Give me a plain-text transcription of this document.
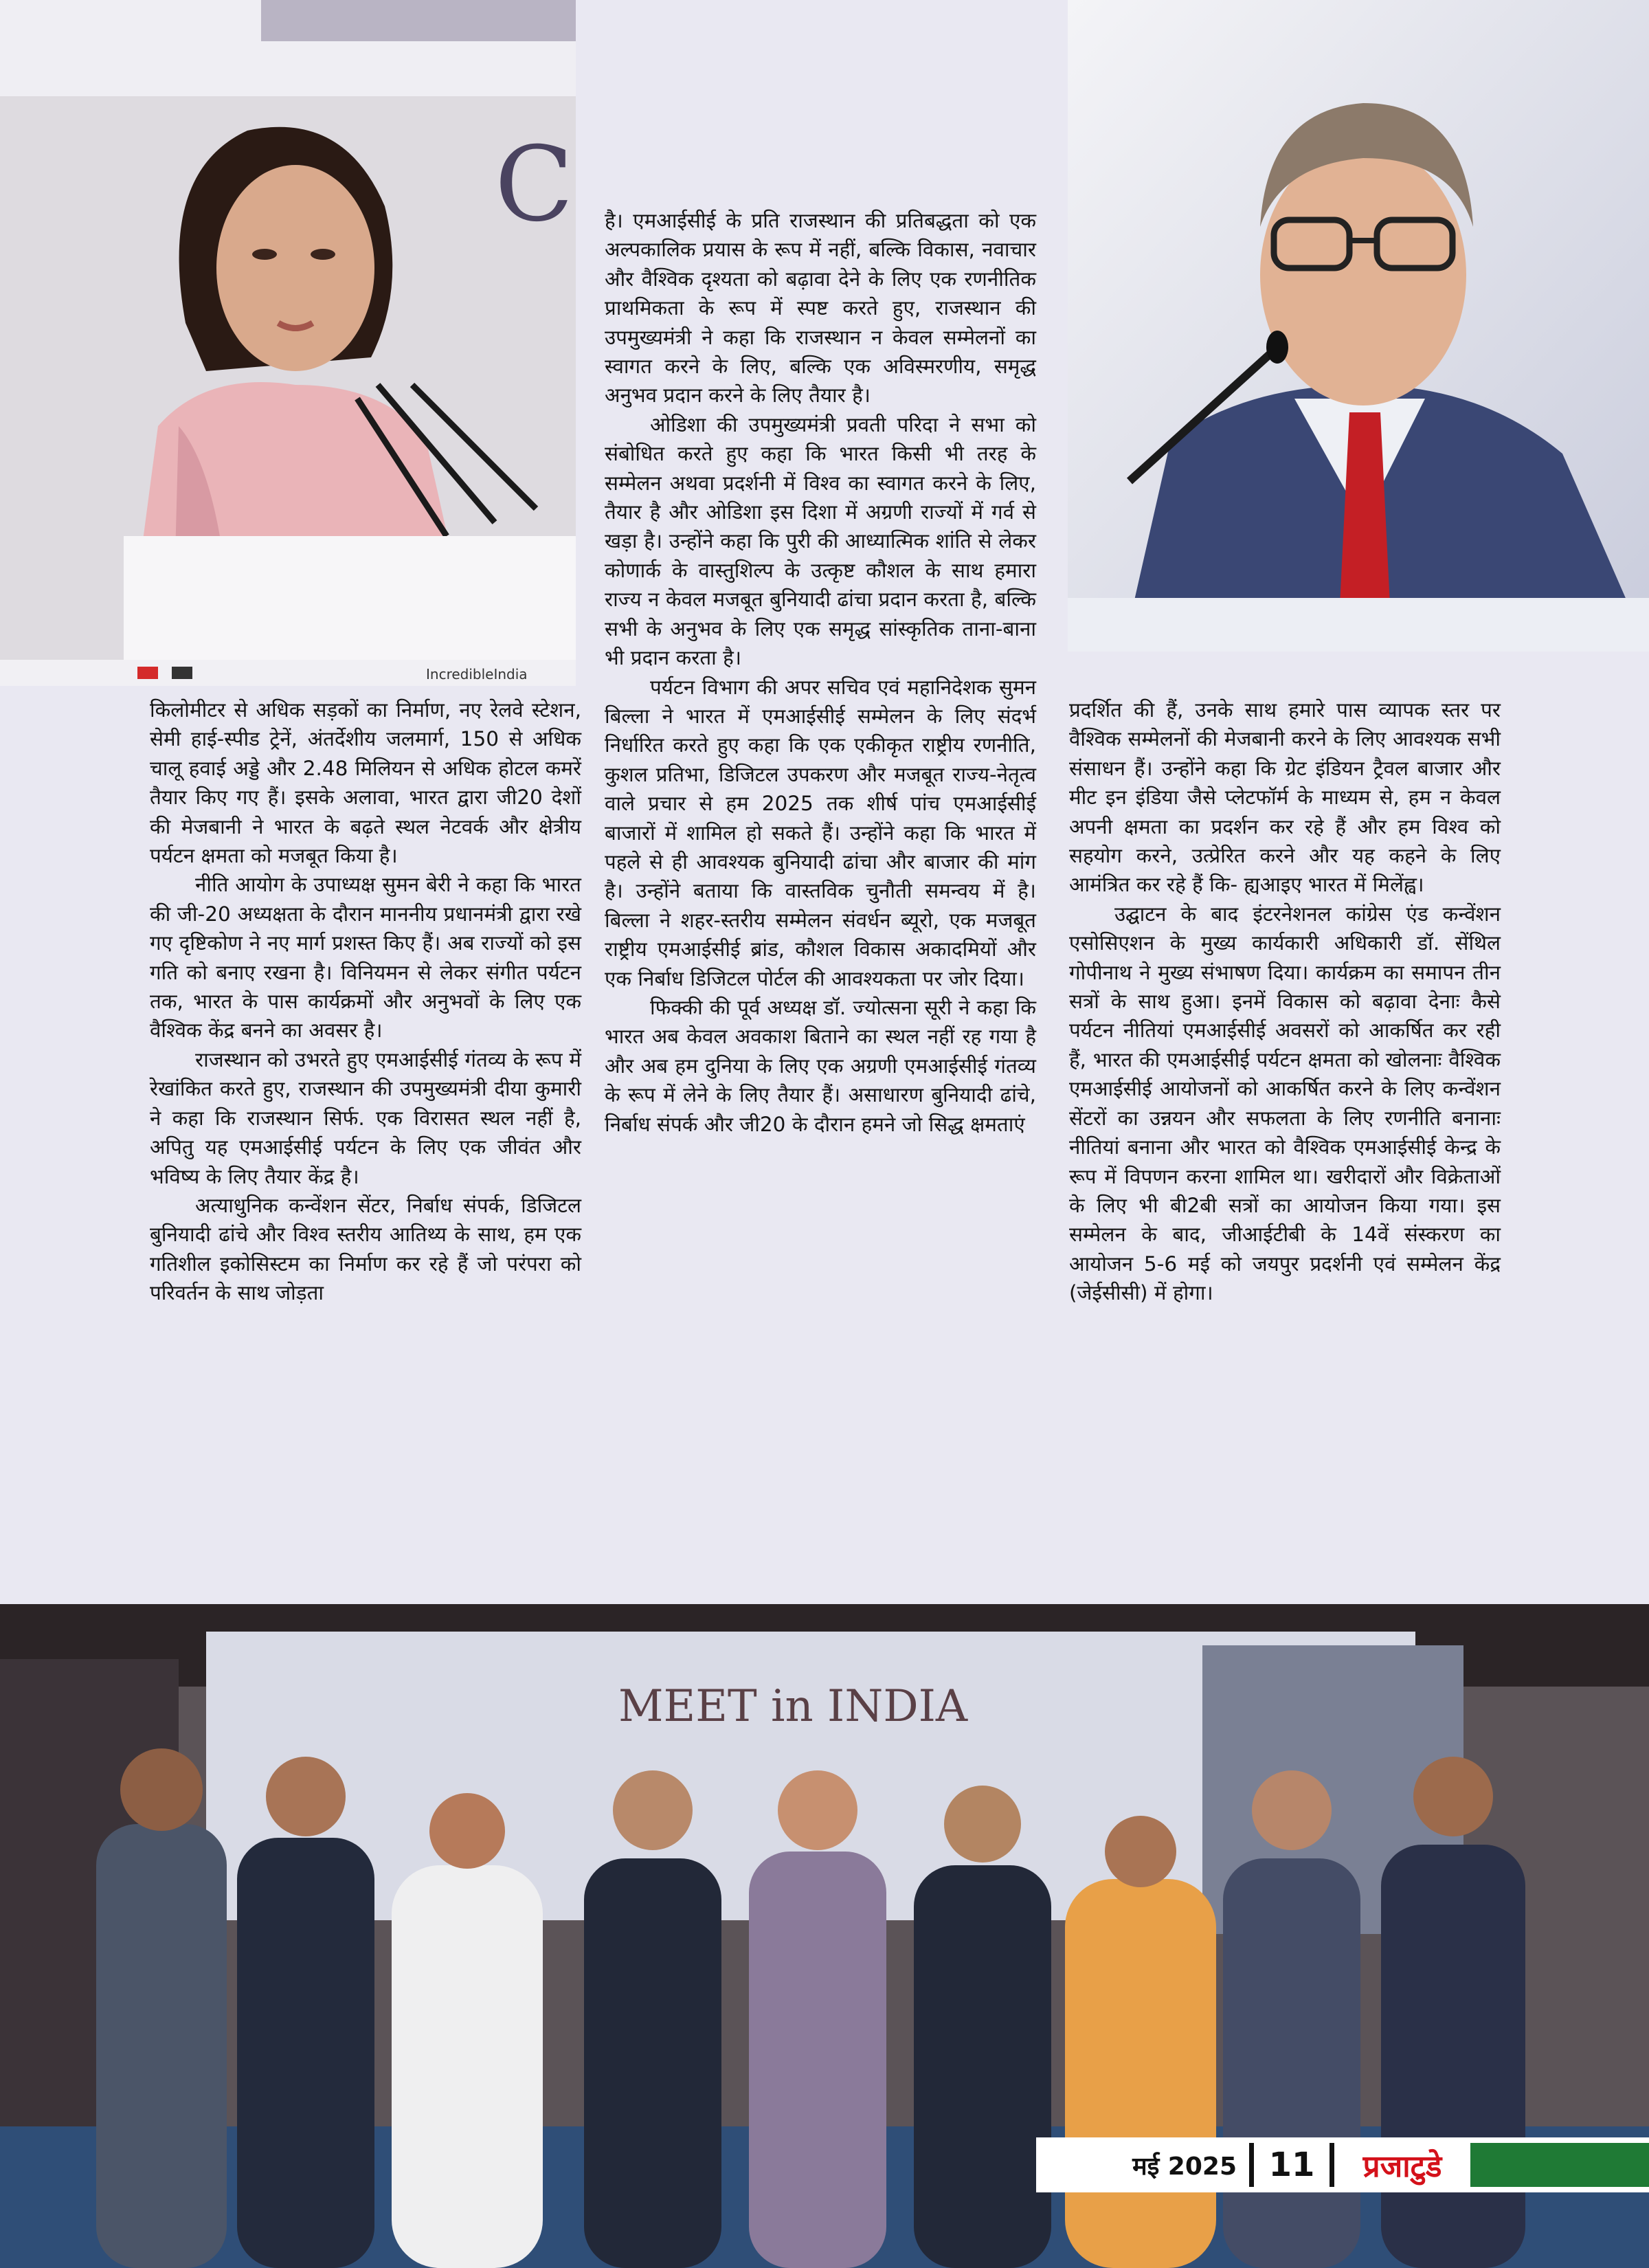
C
IncredibleIndia

है। एमआईसीई के प्रति राजस्थान की प्रतिबद्धता को एक अल्पकालिक प्रयास के रूप में नहीं, बल्कि विकास, नवाचार और वैश्विक दृश्यता को बढ़ावा देने के लिए एक रणनीतिक प्राथमिकता के रूप में स्पष्ट करते हुए, राजस्थान की उपमुख्यमंत्री ने कहा कि राजस्थान न केवल सम्मेलनों का स्वागत करने के लिए, बल्कि एक अविस्मरणीय, समृद्ध अनुभव प्रदान करने के लिए तैयार है।

ओडिशा की उपमुख्यमंत्री प्रवती परिदा ने सभा को संबोधित करते हुए कहा कि भारत किसी भी तरह के सम्मेलन अथवा प्रदर्शनी में विश्व का स्वागत करने के लिए, तैयार है और ओडिशा इस दिशा में अग्रणी राज्यों में गर्व से खड़ा है। उन्होंने कहा कि पुरी की आध्यात्मिक शांति से लेकर कोणार्क के वास्तुशिल्प के उत्कृष्ट कौशल के साथ हमारा राज्य न केवल मजबूत बुनियादी ढांचा प्रदान करता है, बल्कि सभी के अनुभव के लिए एक समृद्ध सांस्कृतिक ताना-बाना भी प्रदान करता है।

पर्यटन विभाग की अपर सचिव एवं महानिदेशक सुमन बिल्ला ने भारत में एमआईसीई सम्मेलन के लिए संदर्भ निर्धारित करते हुए कहा कि एक एकीकृत राष्ट्रीय रणनीति, कुशल प्रतिभा, डिजिटल उपकरण और मजबूत राज्य-नेतृत्व वाले प्रचार से हम 2025 तक शीर्ष पांच एमआईसीई बाजारों में शामिल हो सकते हैं। उन्होंने कहा कि भारत में पहले से ही आवश्यक बुनियादी ढांचा और बाजार की मांग है। उन्होंने बताया कि वास्तविक चुनौती समन्वय में है। बिल्ला ने शहर-स्तरीय सम्मेलन संवर्धन ब्यूरो, एक मजबूत राष्ट्रीय एमआईसीई ब्रांड, कौशल विकास अकादमियों और एक निर्बाध डिजिटल पोर्टल की आवश्यकता पर जोर दिया।

फिक्की की पूर्व अध्यक्ष डॉ. ज्योत्सना सूरी ने कहा कि भारत अब केवल अवकाश बिताने का स्थल नहीं रह गया है और अब हम दुनिया के लिए एक अग्रणी एमआईसीई गंतव्य के रूप में लेने के लिए तैयार हैं। असाधारण बुनियादी ढांचे, निर्बाध संपर्क और जी20 के दौरान हमने जो सिद्ध क्षमताएं

किलोमीटर से अधिक सड़कों का निर्माण, नए रेलवे स्टेशन, सेमी हाई-स्पीड ट्रेनें, अंतर्देशीय जलमार्ग, 150 से अधिक चालू हवाई अड्डे और 2.48 मिलियन से अधिक होटल कमरें तैयार किए गए हैं। इसके अलावा, भारत द्वारा जी20 देशों की मेजबानी ने भारत के बढ़ते स्थल नेटवर्क और क्षेत्रीय पर्यटन क्षमता को मजबूत किया है।

नीति आयोग के उपाध्यक्ष सुमन बेरी ने कहा कि भारत की जी-20 अध्यक्षता के दौरान माननीय प्रधानमंत्री द्वारा रखे गए दृष्टिकोण ने नए मार्ग प्रशस्त किए हैं। अब राज्यों को इस गति को बनाए रखना है। विनियमन से लेकर संगीत पर्यटन तक, भारत के पास कार्यक्रमों और अनुभवों के लिए एक वैश्विक केंद्र बनने का अवसर है।

राजस्थान को उभरते हुए एमआईसीई गंतव्य के रूप में रेखांकित करते हुए, राजस्थान की उपमुख्यमंत्री दीया कुमारी ने कहा कि राजस्थान सिर्फ. एक विरासत स्थल नहीं है, अपितु यह एमआईसीई पर्यटन के लिए एक जीवंत और भविष्य के लिए तैयार केंद्र है।

अत्याधुनिक कन्वेंशन सेंटर, निर्बाध संपर्क, डिजिटल बुनियादी ढांचे और विश्व स्तरीय आतिथ्य के साथ, हम एक गतिशील इकोसिस्टम का निर्माण कर रहे हैं जो परंपरा को परिवर्तन के साथ जोड़ता

प्रदर्शित की हैं, उनके साथ हमारे पास व्यापक स्तर पर वैश्विक सम्मेलनों की मेजबानी करने के लिए आवश्यक सभी संसाधन हैं। उन्होंने कहा कि ग्रेट इंडियन ट्रैवल बाजार और मीट इन इंडिया जैसे प्लेटफॉर्म के माध्यम से, हम न केवल अपनी क्षमता का प्रदर्शन कर रहे हैं और हम विश्व को सहयोग करने, उत्प्रेरित करने और यह कहने के लिए आमंत्रित कर रहे हैं कि- ह्यआइए भारत में मिलेंह्व।

उद्घाटन के बाद इंटरनेशनल कांग्रेस एंड कन्वेंशन एसोसिएशन के मुख्य कार्यकारी अधिकारी डॉ. सेंथिल गोपीनाथ ने मुख्य संभाषण दिया। कार्यक्रम का समापन तीन सत्रों के साथ हुआ। इनमें विकास को बढ़ावा देनाः कैसे पर्यटन नीतियां एमआईसीई अवसरों को आकर्षित कर रही हैं, भारत की एमआईसीई पर्यटन क्षमता को खोलनाः वैश्विक एमआईसीई आयोजनों को आकर्षित करने के लिए कन्वेंशन सेंटरों का उन्नयन और सफलता के लिए रणनीति बनानाः नीतियां बनाना और भारत को वैश्विक एमआईसीई केन्द्र के रूप में विपणन करना शामिल था। खरीदारों और विक्रेताओं के लिए भी बी2बी सत्रों का आयोजन किया गया। इस सम्मेलन के बाद, जीआईटीबी के 14वें संस्करण का आयोजन 5-6 मई को जयपुर प्रदर्शनी एवं सम्मेलन केंद्र (जेईसीसी) में होगा।

MEET in INDIA
मई 2025 11	प्रजाटुडे
